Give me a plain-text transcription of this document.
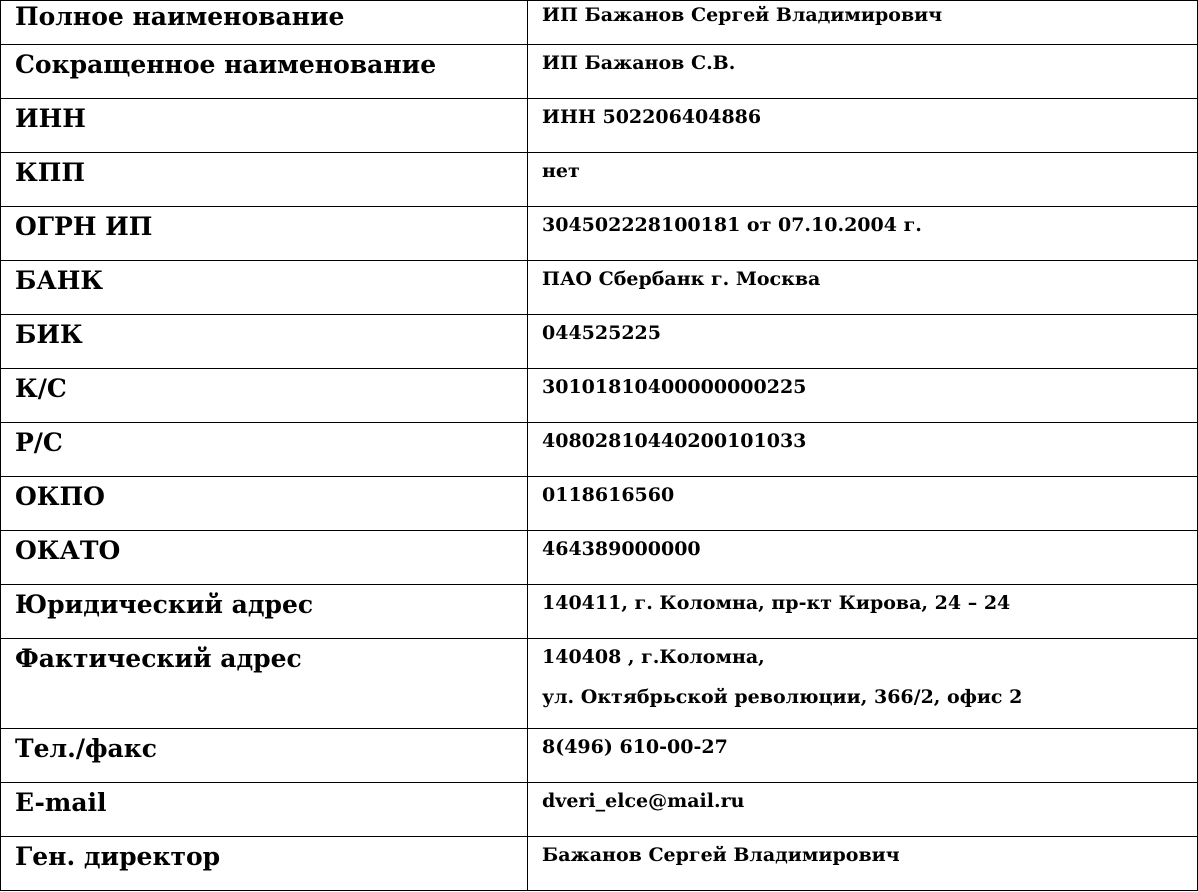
Полное наименование	ИП Бажанов Сергей Владимирович
Сокращенное наименование	ИП Бажанов С.В.
ИНН	ИНН 502206404886
КПП	нет
ОГРН ИП	304502228100181 от 07.10.2004 г.
БАНК	ПАО Сбербанк г. Москва
БИК	044525225
К/С	30101810400000000225
Р/С	40802810440200101033
ОКПО	0118616560
ОКАТО	464389000000
Юридический адрес	140411, г. Коломна, пр-кт Кирова, 24 – 24
Фактический адрес	140408 , г.Коломна,
ул. Октябрьской революции, 366/2, офис 2

Тел./факс	8(496) 610-00-27
E-mail	dveri_elce@mail.ru
Ген. директор	Бажанов Сергей Владимирович
